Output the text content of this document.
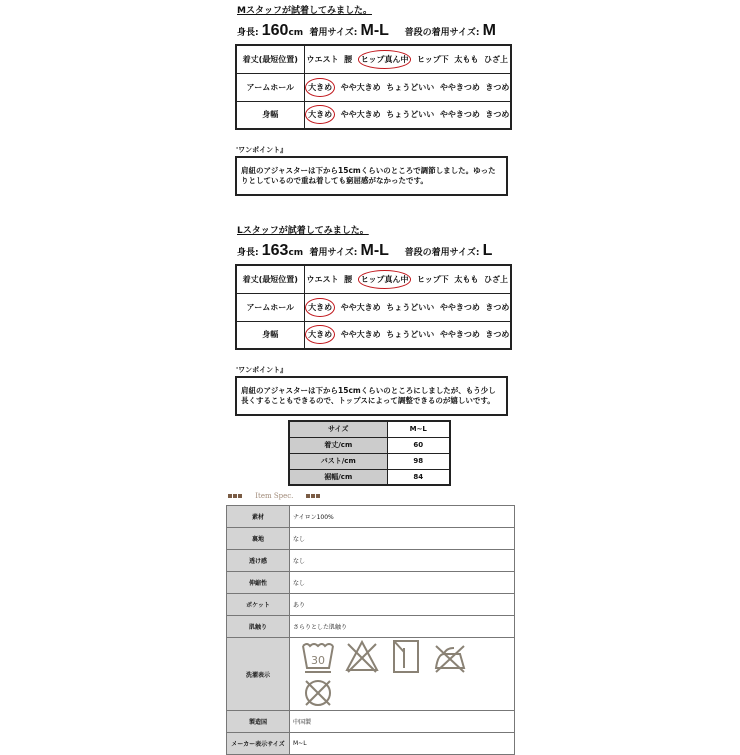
Mスタッフが試着してみました。
身長: 160cm 着用サイズ: M-L 普段の着用サイズ: M
着丈(最短位置)	ウエスト 腰 ヒップ真ん中 ヒップ下 太もも ひざ上
アームホール	大きめ やや大きめ ちょうどいい ややきつめ きつめ
身幅	大きめ やや大きめ ちょうどいい ややきつめ きつめ
'ワンポイント』
肩紐のアジャスターは下から15cmくらいのところで調節しました。ゆったりとしているので重ね着しても窮屈感がなかったです。
Lスタッフが試着してみました。
身長: 163cm 着用サイズ: M-L 普段の着用サイズ: L
着丈(最短位置)	ウエスト 腰 ヒップ真ん中 ヒップ下 太もも ひざ上
アームホール	大きめ やや大きめ ちょうどいい ややきつめ きつめ
身幅	大きめ やや大きめ ちょうどいい ややきつめ きつめ
'ワンポイント』
肩紐のアジャスターは下から15cmくらいのところにしましたが、もう少し長くすることもできるので、トップスによって調整できるのが嬉しいです。
サイズ	M~L
着丈/cm	60
バスト/cm	98
裾幅/cm	84
Item Spec.
素材	ナイロン100%
裏地	なし
透け感	なし
伸縮性	なし
ポケット	あり
肌触り	さらりとした肌触り
洗濯表示	30

製造国	中国製
メーカー表示サイズ	M~L
